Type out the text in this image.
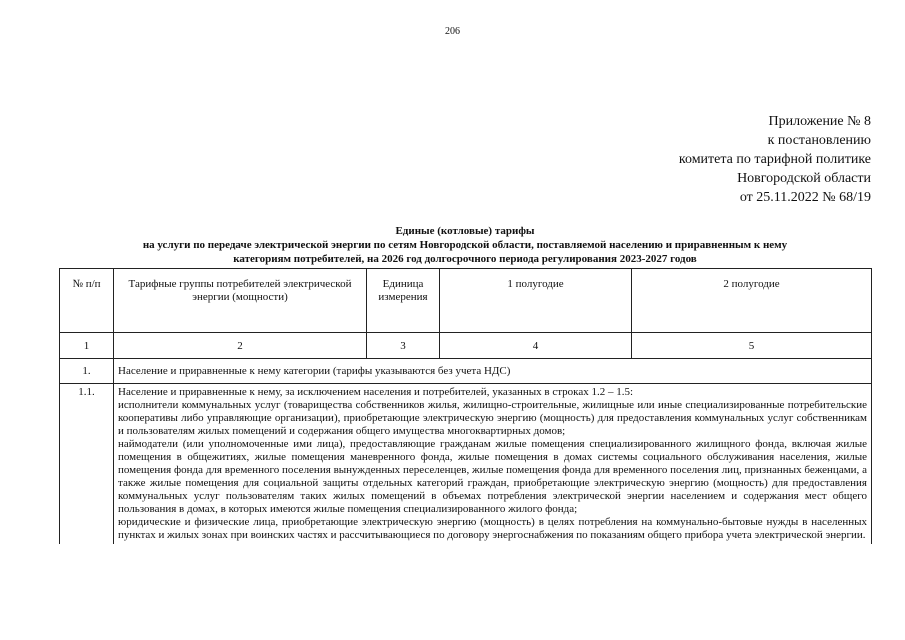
206
Приложение № 8
к постановлению
комитета по тарифной политике
Новгородской области
от 25.11.2022 № 68/19
Единые (котловые) тарифы
на услуги по передаче электрической энергии по сетям Новгородской области, поставляемой населению и приравненным к нему
категориям потребителей, на 2026 год долгосрочного периода регулирования 2023-2027 годов
№ п/п	Тарифные группы потребителей электрической энергии (мощности)	Единица измерения	1 полугодие	2 полугодие
1	2	3	4	5
1.	Население и приравненные к нему категории (тарифы указываются без учета НДС)			
1.1.	Население и приравненные к нему, за исключением населения и потребителей, указанных в строках 1.2 – 1.5:

исполнители коммунальных услуг (товарищества собственников жилья, жилищно-строительные, жилищные или иные специализированные потребительские кооперативы либо управляющие организации), приобретающие электрическую энергию (мощность) для предоставления коммунальных услуг собственникам и пользователям жилых помещений и содержания общего имущества многоквартирных домов;

наймодатели (или уполномоченные ими лица), предоставляющие гражданам жилые помещения специализированного жилищного фонда, включая жилые помещения в общежитиях, жилые помещения маневренного фонда, жилые помещения в домах системы социального обслуживания населения, жилые помещения фонда для временного поселения вынужденных переселенцев, жилые помещения фонда для временного поселения лиц, признанных беженцами, а также жилые помещения для социальной защиты отдельных категорий граждан, приобретающие электрическую энергию (мощность) для предоставления коммунальных услуг пользователям таких жилых помещений в объемах потребления электрической энергии населением и содержания мест общего пользования в домах, в которых имеются жилые помещения специализированного жилого фонда;

юридические и физические лица, приобретающие электрическую энергию (мощность) в целях потребления на коммунально-бытовые нужды в населенных пунктах и жилых зонах при воинских частях и рассчитывающиеся по договору энергоснабжения по показаниям общего прибора учета электрической энергии.			
